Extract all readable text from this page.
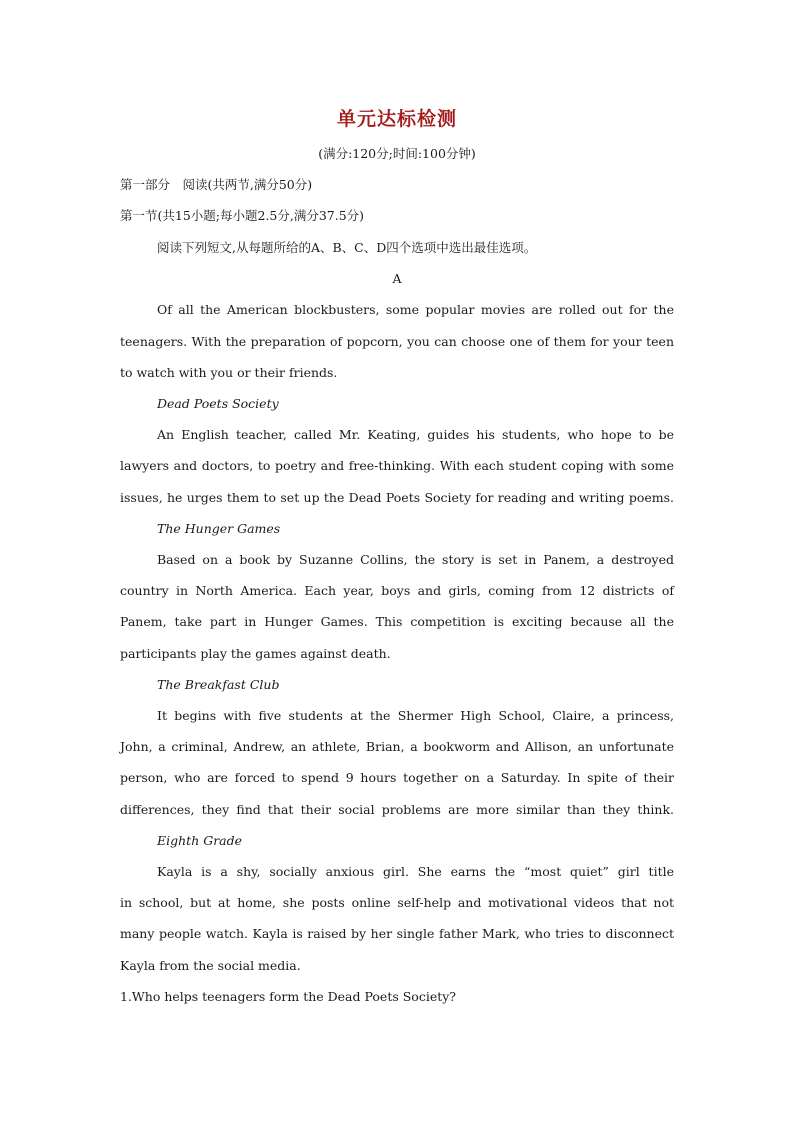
单元达标检测
(满分:120分;时间:100分钟)
第一部分　阅读(共两节,满分50分)
第一节(共15小题;每小题2.5分,满分37.5分)
阅读下列短文,从每题所给的A、B、C、D四个选项中选出最佳选项。
A
Of all the American blockbusters, some popular movies are rolled out for the
teenagers. With the preparation of popcorn, you can choose one of them for your teen
to watch with you or their friends.
Dead Poets Society
An English teacher, called Mr. Keating, guides his students, who hope to be
lawyers and doctors, to poetry and free-thinking. With each student coping with some
issues, he urges them to set up the Dead Poets Society for reading and writing poems.
The Hunger Games
Based on a book by Suzanne Collins, the story is set in Panem, a destroyed
country in North America. Each year, boys and girls, coming from 12 districts of
Panem, take part in Hunger Games. This competition is exciting because all the
participants play the games against death.
The Breakfast Club
It begins with five students at the Shermer High School, Claire, a princess,
John, a criminal, Andrew, an athlete, Brian, a bookworm and Allison, an unfortunate
person, who are forced to spend 9 hours together on a Saturday. In spite of their
differences, they find that their social problems are more similar than they think.
Eighth Grade
Kayla is a shy, socially anxious girl. She earns the “most quiet” girl title
in school, but at home, she posts online self-help and motivational videos that not
many people watch. Kayla is raised by her single father Mark, who tries to disconnect
Kayla from the social media.
1.Who helps teenagers form the Dead Poets Society?
